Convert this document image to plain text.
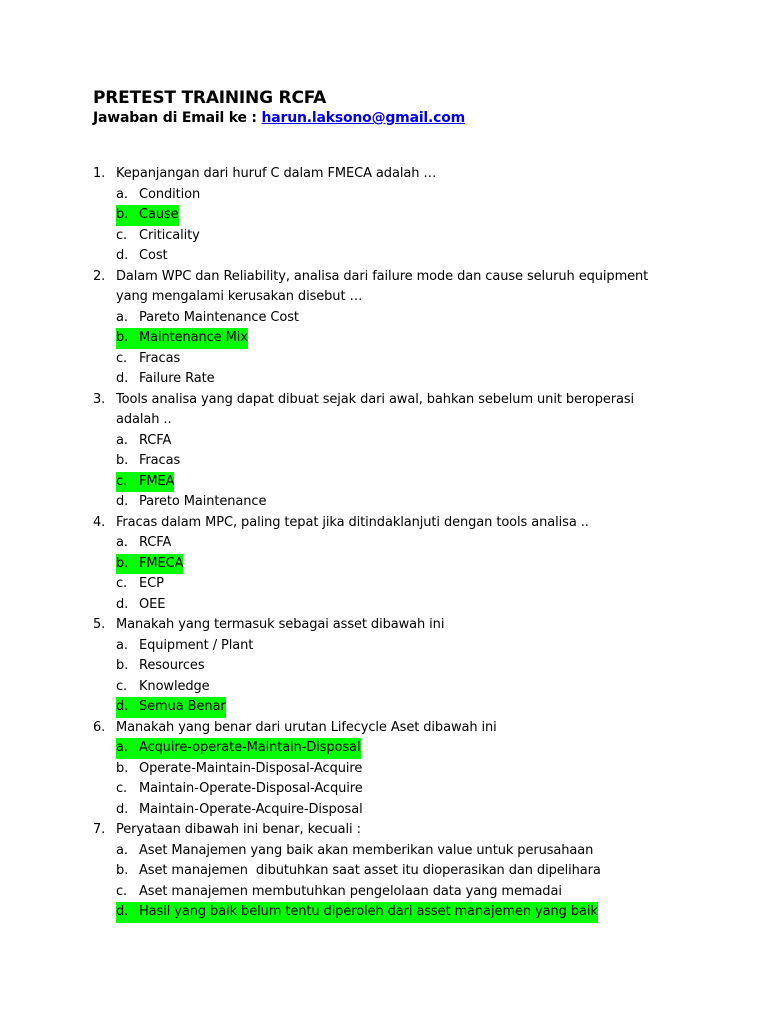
PRETEST TRAINING RCFA
Jawaban di Email ke : harun.laksono@gmail.com
1. Kepanjangan dari huruf C dalam FMECA adalah …
a. Condition
b. Cause
c. Criticality
d. Cost
2. Dalam WPC dan Reliability, analisa dari failure mode dan cause seluruh equipment yang mengalami kerusakan disebut …
a. Pareto Maintenance Cost
b. Maintenance Mix
c. Fracas
d. Failure Rate
3. Tools analisa yang dapat dibuat sejak dari awal, bahkan sebelum unit beroperasi adalah ..
a. RCFA
b. Fracas
c. FMEA
d. Pareto Maintenance
4. Fracas dalam MPC, paling tepat jika ditindaklanjuti dengan tools analisa ..
a. RCFA
b. FMECA
c. ECP
d. OEE
5. Manakah yang termasuk sebagai asset dibawah ini
a. Equipment / Plant
b. Resources
c. Knowledge
d. Semua Benar
6. Manakah yang benar dari urutan Lifecycle Aset dibawah ini
a. Acquire-operate-Maintain-Disposal
b. Operate-Maintain-Disposal-Acquire
c. Maintain-Operate-Disposal-Acquire
d. Maintain-Operate-Acquire-Disposal
7. Peryataan dibawah ini benar, kecuali :
a. Aset Manajemen yang baik akan memberikan value untuk perusahaan
b. Aset manajemen  dibutuhkan saat asset itu dioperasikan dan dipelihara
c. Aset manajemen membutuhkan pengelolaan data yang memadai
d. Hasil yang baik belum tentu diperoleh dari asset manajemen yang baik
